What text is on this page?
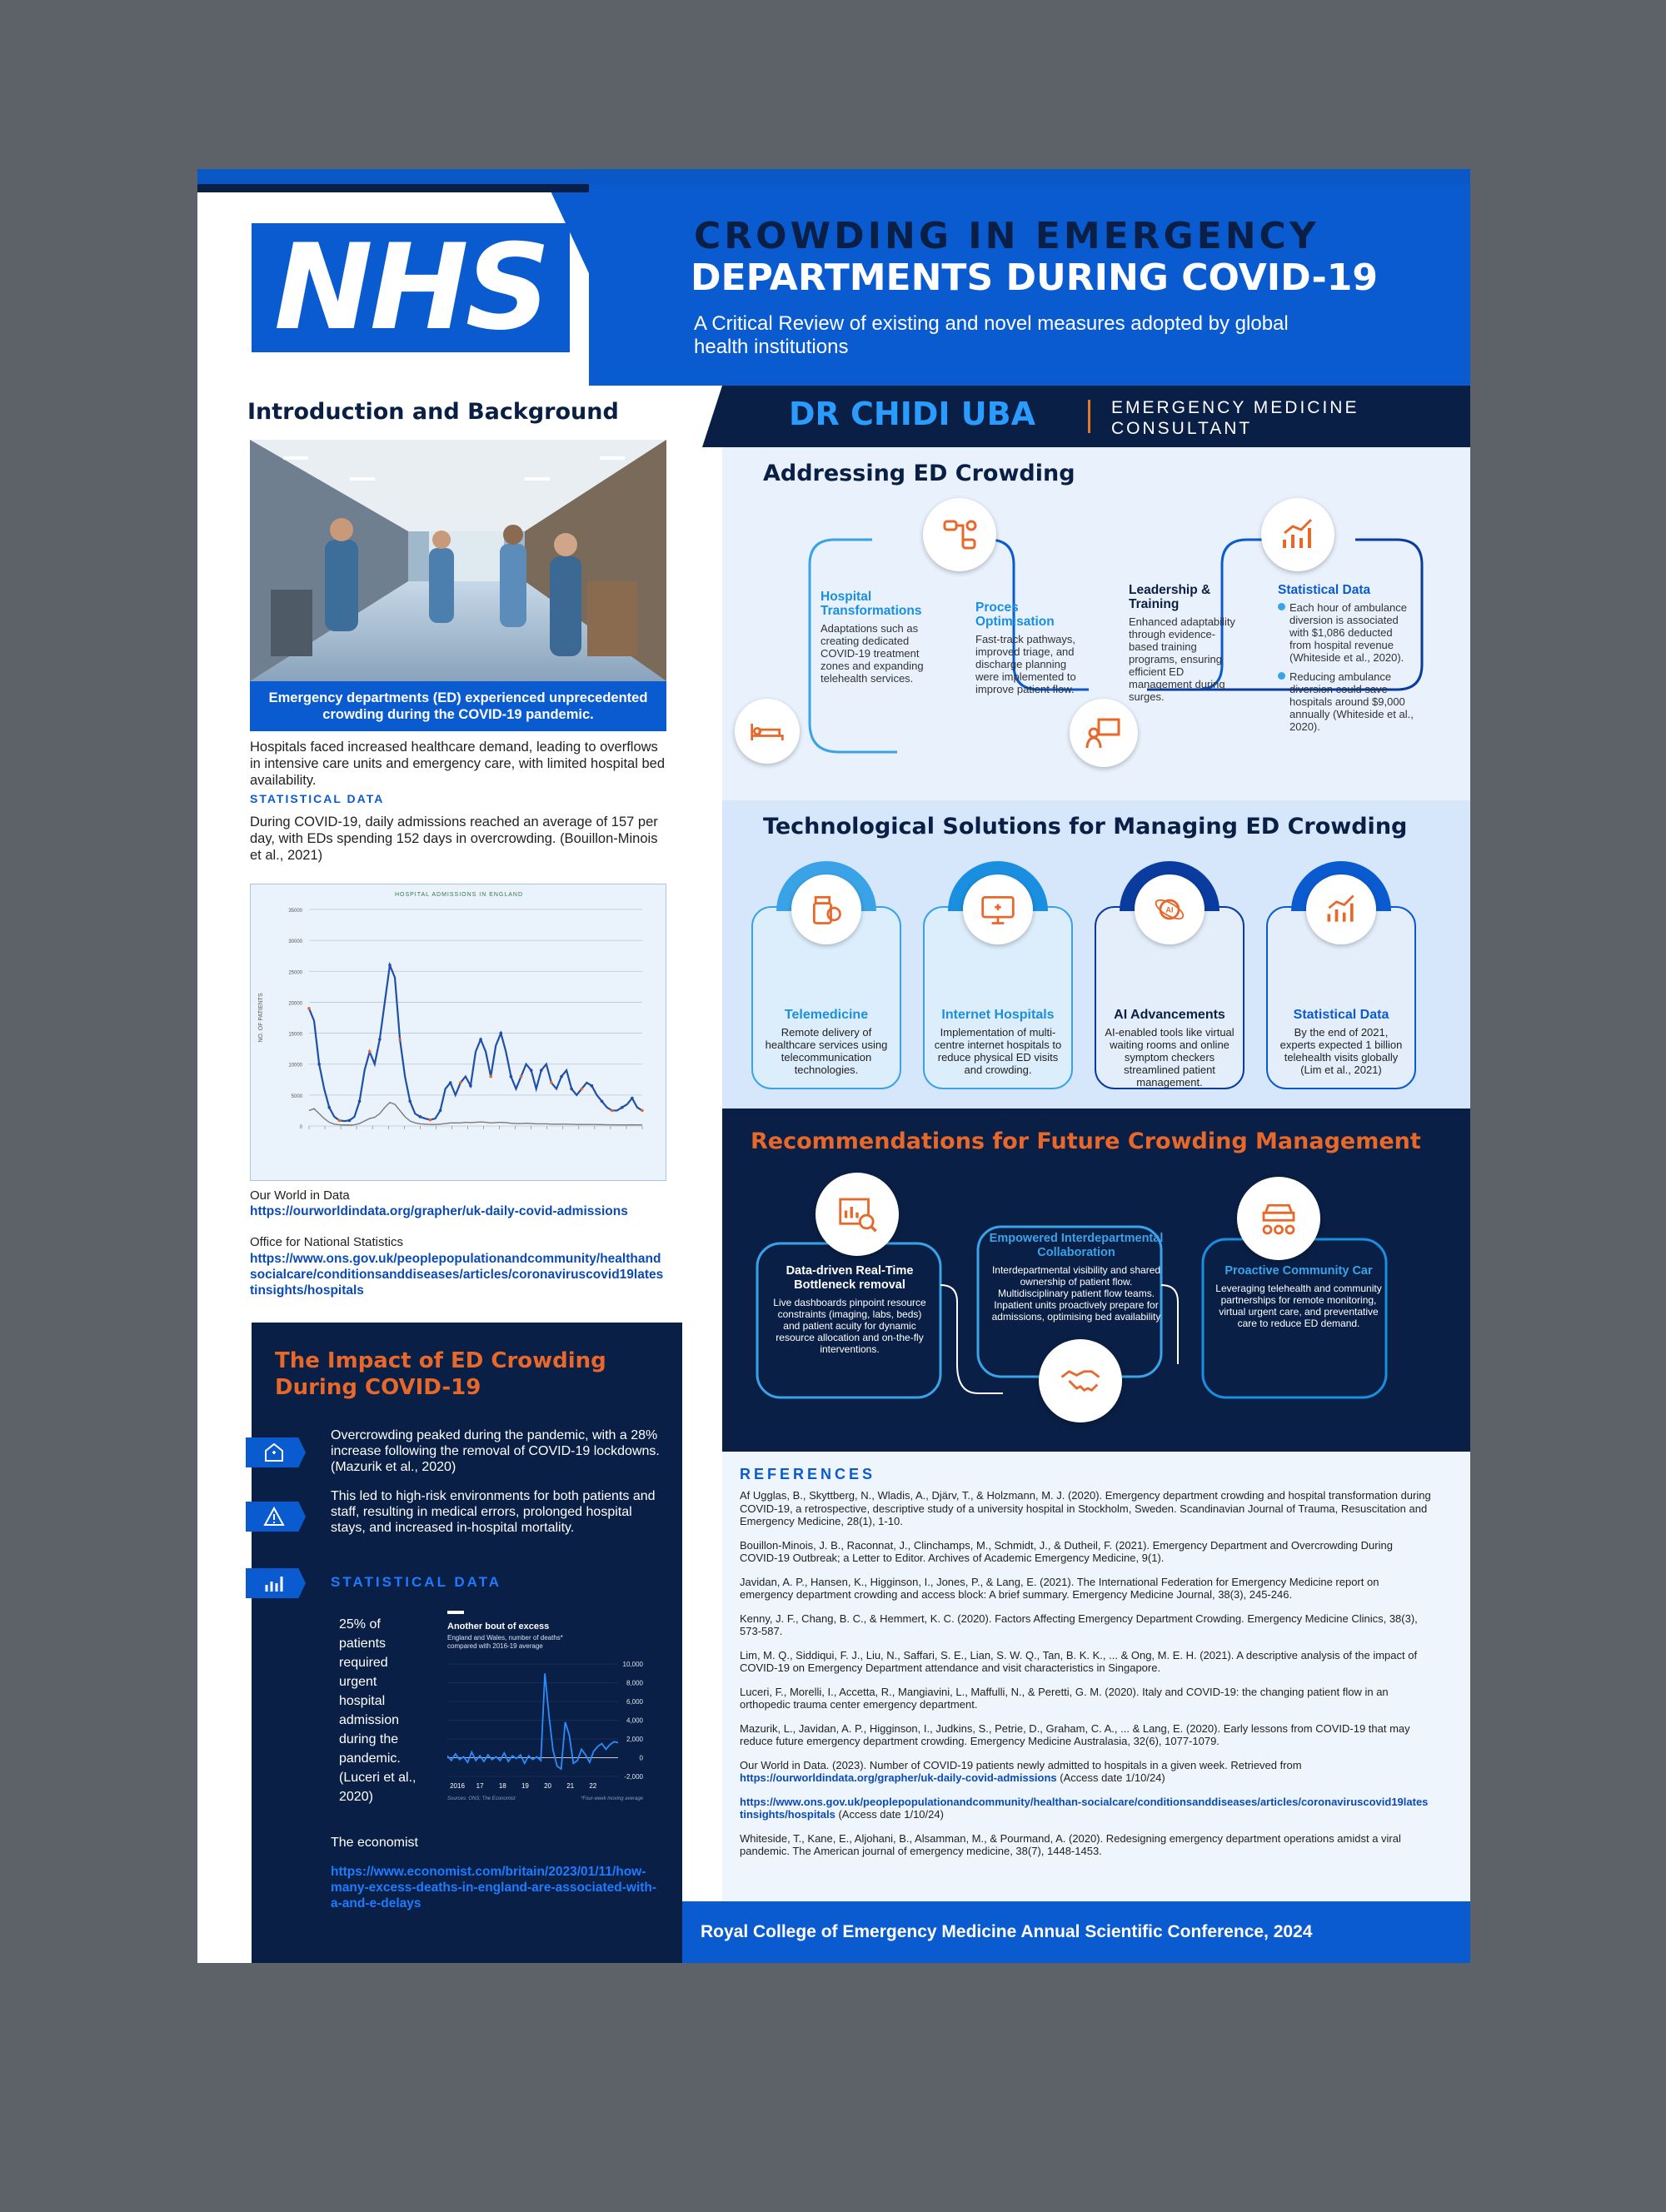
NHS	CROWDING IN EMERGENCY
DEPARTMENTS DURING COVID-19
A Critical Review of existing and novel measures adopted by global health institutions
DR CHIDI UBA	EMERGENCY MEDICINE CONSULTANT
Introduction and Background
Emergency departments (ED) experienced unprecedented crowding during the COVID-19 pandemic.
Hospitals faced increased healthcare demand, leading to overflows in intensive care units and emergency care, with limited hospital bed availability.
STATISTICAL DATA
During COVID-19, daily admissions reached an average of 157 per day, with EDs spending 152 days in overcrowding. (Bouillon-Minois et al., 2021)
HOSPITAL ADMISSIONS IN ENGLAND
NO. OF PATIENTS
35000
30000
25000
20000
15000
10000
5000
0
Our World in Data
https://ourworldindata.org/grapher/uk-daily-covid-admissions
Office for National Statistics
https://www.ons.gov.uk/peoplepopulationandcommunity/healthandsocialcare/conditionsanddiseases/articles/coronaviruscovid19latestinsights/hospitals
The Impact of ED Crowding During COVID-19
Overcrowding peaked during the pandemic, with a 28% increase following the removal of COVID-19 lockdowns. (Mazurik et al., 2020)
This led to high-risk environments for both patients and staff, resulting in medical errors, prolonged hospital stays, and increased in-hospital mortality.
STATISTICAL DATA
25% of patients required urgent hospital admission during the pandemic. (Luceri et al., 2020)
Another bout of excess
England and Wales, number of deaths*
compared with 2016-19 average
10,000
8,000
6,000
4,000
2,000
0
-2,000
2016 17 18 19 20 21 22
Sources: ONS; The Economist	*Four-week moving average
The economist
https://www.economist.com/britain/2023/01/11/how-many-excess-deaths-in-england-are-associated-with-a-and-e-delays
Addressing ED Crowding
Hospital Transformations
Adaptations such as creating dedicated COVID-19 treatment zones and expanding telehealth services.
Proces Optimisation
Fast-track pathways, improved triage, and discharge planning were implemented to improve patient flow.
Leadership & Training
Enhanced adaptability through evidence-based training programs, ensuring efficient ED management during surges.
Statistical Data
Each hour of ambulance diversion is associated with $1,086 deducted from hospital revenue (Whiteside et al., 2020).
Reducing ambulance diversion could save hospitals around $9,000 annually (Whiteside et al., 2020).
Technological Solutions for Managing ED Crowding
Telemedicine
Remote delivery of healthcare services using telecommunication technologies.
Internet Hospitals
Implementation of multi-centre internet hospitals to reduce physical ED visits and crowding.
AI Advancements
AI-enabled tools like virtual waiting rooms and online symptom checkers streamlined patient management.
Statistical Data
By the end of 2021, experts expected 1 billion telehealth visits globally (Lim et al., 2021)
AI
Recommendations for Future Crowding Management
Data-driven Real-Time Bottleneck removal
Live dashboards pinpoint resource constraints (imaging, labs, beds) and patient acuity for dynamic resource allocation and on-the-fly interventions.
Empowered Interdepartmental Collaboration
Interdepartmental visibility and shared ownership of patient flow. Multidisciplinary patient flow teams. Inpatient units proactively prepare for admissions, optimising bed availability
Proactive Community Car
Leveraging telehealth and community partnerships for remote monitoring, virtual urgent care, and preventative care to reduce ED demand.
REFERENCES

Af Ugglas, B., Skyttberg, N., Wladis, A., Djärv, T., & Holzmann, M. J. (2020). Emergency department crowding and hospital transformation during COVID-19, a retrospective, descriptive study of a university hospital in Stockholm, Sweden. Scandinavian Journal of Trauma, Resuscitation and Emergency Medicine, 28(1), 1-10.

Bouillon-Minois, J. B., Raconnat, J., Clinchamps, M., Schmidt, J., & Dutheil, F. (2021). Emergency Department and Overcrowding During COVID-19 Outbreak; a Letter to Editor. Archives of Academic Emergency Medicine, 9(1).

Javidan, A. P., Hansen, K., Higginson, I., Jones, P., & Lang, E. (2021). The International Federation for Emergency Medicine report on emergency department crowding and access block: A brief summary. Emergency Medicine Journal, 38(3), 245-246.

Kenny, J. F., Chang, B. C., & Hemmert, K. C. (2020). Factors Affecting Emergency Department Crowding. Emergency Medicine Clinics, 38(3), 573-587.

Lim, M. Q., Siddiqui, F. J., Liu, N., Saffari, S. E., Lian, S. W. Q., Tan, B. K. K., ... & Ong, M. E. H. (2021). A descriptive analysis of the impact of COVID-19 on Emergency Department attendance and visit characteristics in Singapore.

Luceri, F., Morelli, I., Accetta, R., Mangiavini, L., Maffulli, N., & Peretti, G. M. (2020). Italy and COVID-19: the changing patient flow in an orthopedic trauma center emergency department.

Mazurik, L., Javidan, A. P., Higginson, I., Judkins, S., Petrie, D., Graham, C. A., ... & Lang, E. (2020). Early lessons from COVID-19 that may reduce future emergency department crowding. Emergency Medicine Australasia, 32(6), 1077-1079.

Our World in Data. (2023). Number of COVID-19 patients newly admitted to hospitals in a given week. Retrieved from
https://ourworldindata.org/grapher/uk-daily-covid-admissions (Access date 1/10/24)

https://www.ons.gov.uk/peoplepopulationandcommunity/healthan-socialcare/conditionsanddiseases/articles/coronaviruscovid19latestinsights/hospitals (Access date 1/10/24)

Whiteside, T., Kane, E., Aljohani, B., Alsamman, M., & Pourmand, A. (2020). Redesigning emergency department operations amidst a viral pandemic. The American journal of emergency medicine, 38(7), 1448-1453.

Royal College of Emergency Medicine Annual Scientific Conference, 2024
